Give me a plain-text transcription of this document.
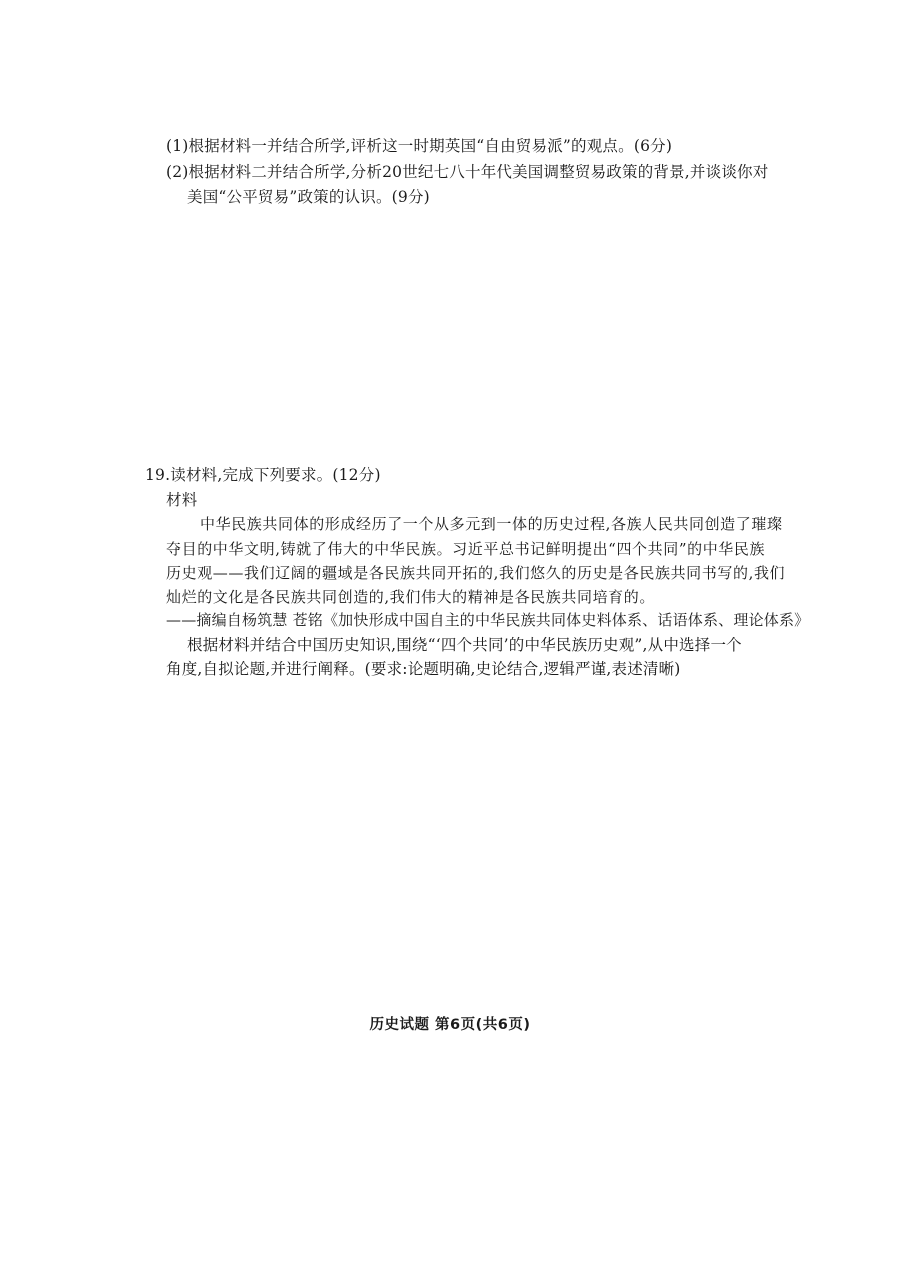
(1)根据材料一并结合所学,评析这一时期英国“自由贸易派”的观点。(6分)
(2)根据材料二并结合所学,分析20世纪七八十年代美国调整贸易政策的背景,并谈谈你对
美国“公平贸易”政策的认识。(9分)
19.读材料,完成下列要求。(12分)
材料
中华民族共同体的形成经历了一个从多元到一体的历史过程,各族人民共同创造了璀璨
夺目的中华文明,铸就了伟大的中华民族。习近平总书记鲜明提出“四个共同”的中华民族
历史观——我们辽阔的疆域是各民族共同开拓的,我们悠久的历史是各民族共同书写的,我们
灿烂的文化是各民族共同创造的,我们伟大的精神是各民族共同培育的。
——摘编自杨筑慧 苍铭《加快形成中国自主的中华民族共同体史料体系、话语体系、理论体系》
根据材料并结合中国历史知识,围绕“‘四个共同’的中华民族历史观”,从中选择一个
角度,自拟论题,并进行阐释。(要求:论题明确,史论结合,逻辑严谨,表述清晰)
历史试题 第6页(共6页)
